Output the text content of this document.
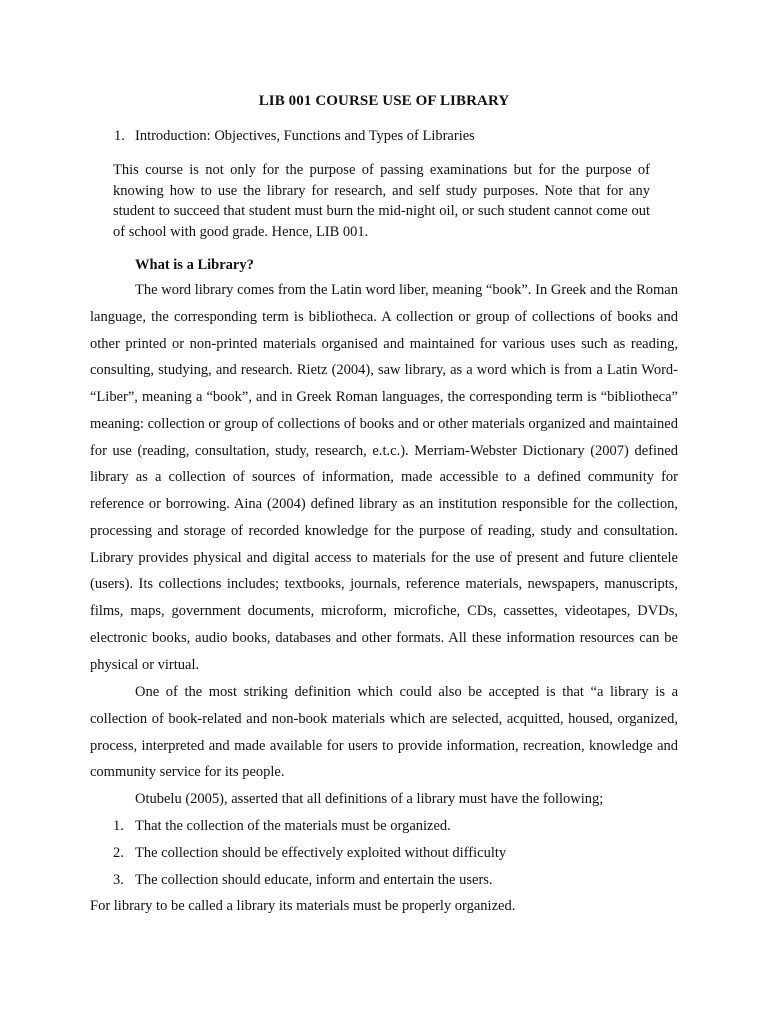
LIB 001 COURSE USE OF LIBRARY
1. Introduction: Objectives, Functions and Types of Libraries

This course is not only for the purpose of passing examinations but for the purpose of knowing how to use the library for research, and self study purposes. Note that for any student to succeed that student must burn the mid-night oil, or such student cannot come out of school with good grade. Hence, LIB 001.

What is a Library?

The word library comes from the Latin word liber, meaning “book”. In Greek and the Roman language, the corresponding term is bibliotheca. A collection or group of collections of books and other printed or non-printed materials organised and maintained for various uses such as reading, consulting, studying, and research. Rietz (2004), saw library, as a word which is from a Latin Word- “Liber”, meaning a “book”, and in Greek Roman languages, the corresponding term is “bibliotheca” meaning: collection or group of collections of books and or other materials organized and maintained for use (reading, consultation, study, research, e.t.c.). Merriam-Webster Dictionary (2007) defined library as a collection of sources of information, made accessible to a defined community for reference or borrowing. Aina (2004) defined library as an institution responsible for the collection, processing and storage of recorded knowledge for the purpose of reading, study and consultation. Library provides physical and digital access to materials for the use of present and future clientele (users). Its collections includes; textbooks, journals, reference materials, newspapers, manuscripts, films, maps, government documents, microform, microfiche, CDs, cassettes, videotapes, DVDs, electronic books, audio books, databases and other formats. All these information resources can be physical or virtual.

One of the most striking definition which could also be accepted is that “a library is a collection of book-related and non-book materials which are selected, acquitted, housed, organized, process, interpreted and made available for users to provide information, recreation, knowledge and community service for its people.

Otubelu (2005), asserted that all definitions of a library must have the following;
1. That the collection of the materials must be organized.
2. The collection should be effectively exploited without difficulty
3. The collection should educate, inform and entertain the users.
For library to be called a library its materials must be properly organized.
